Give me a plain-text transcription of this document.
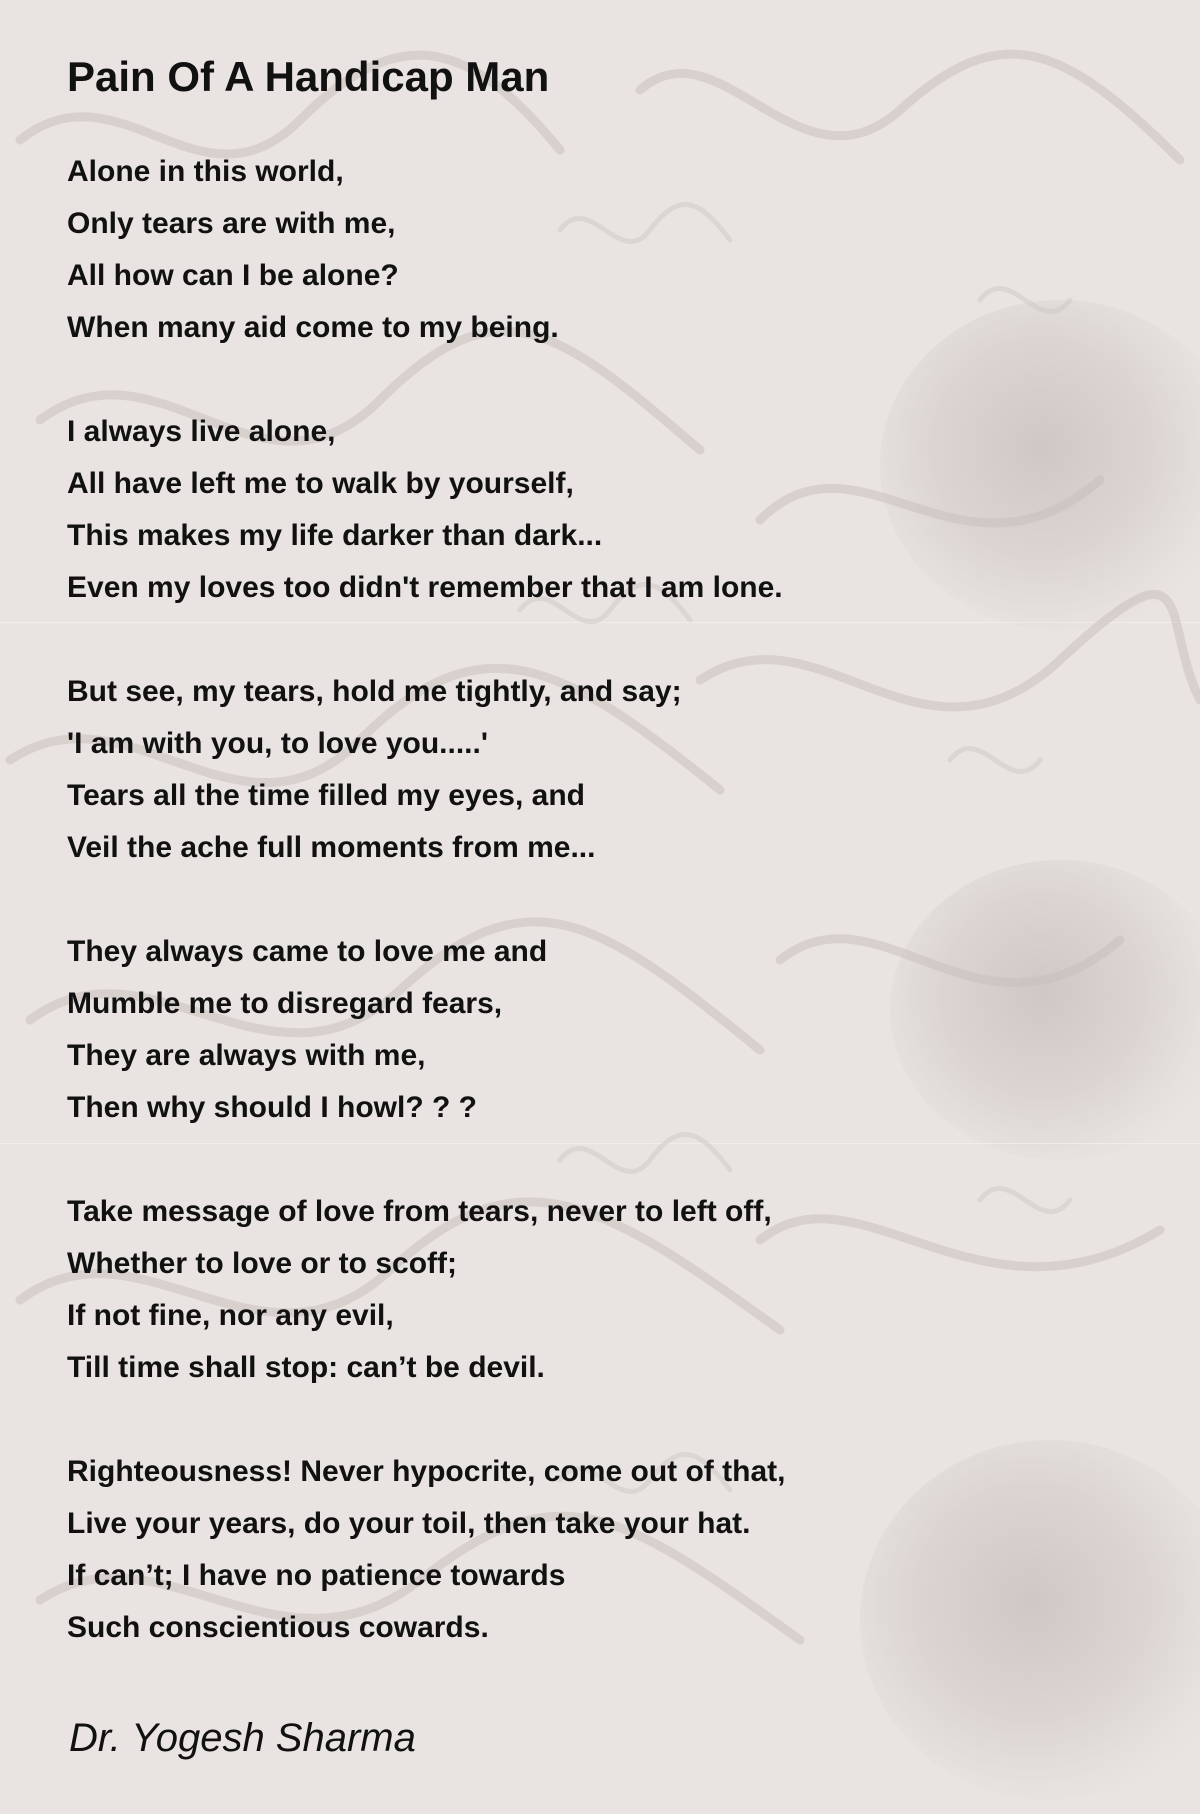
Pain Of A Handicap Man
Alone in this world,
Only tears are with me,
All how can I be alone?
When many aid come to my being.
I always live alone,
All have left me to walk by yourself,
This makes my life darker than dark...
Even my loves too didn't remember that I am lone.
But see, my tears, hold me tightly, and say;
'I am with you, to love you.....'
Tears all the time filled my eyes, and
Veil the ache full moments from me...
They always came to love me and
Mumble me to disregard fears,
They are always with me,
Then why should I howl? ? ?
Take message of love from tears, never to left off,
Whether to love or to scoff;
If not fine, nor any evil,
Till time shall stop: can’t be devil.
Righteousness! Never hypocrite, come out of that,
Live your years, do your toil, then take your hat.
If can’t; I have no patience towards
Such conscientious cowards.
Dr. Yogesh Sharma
